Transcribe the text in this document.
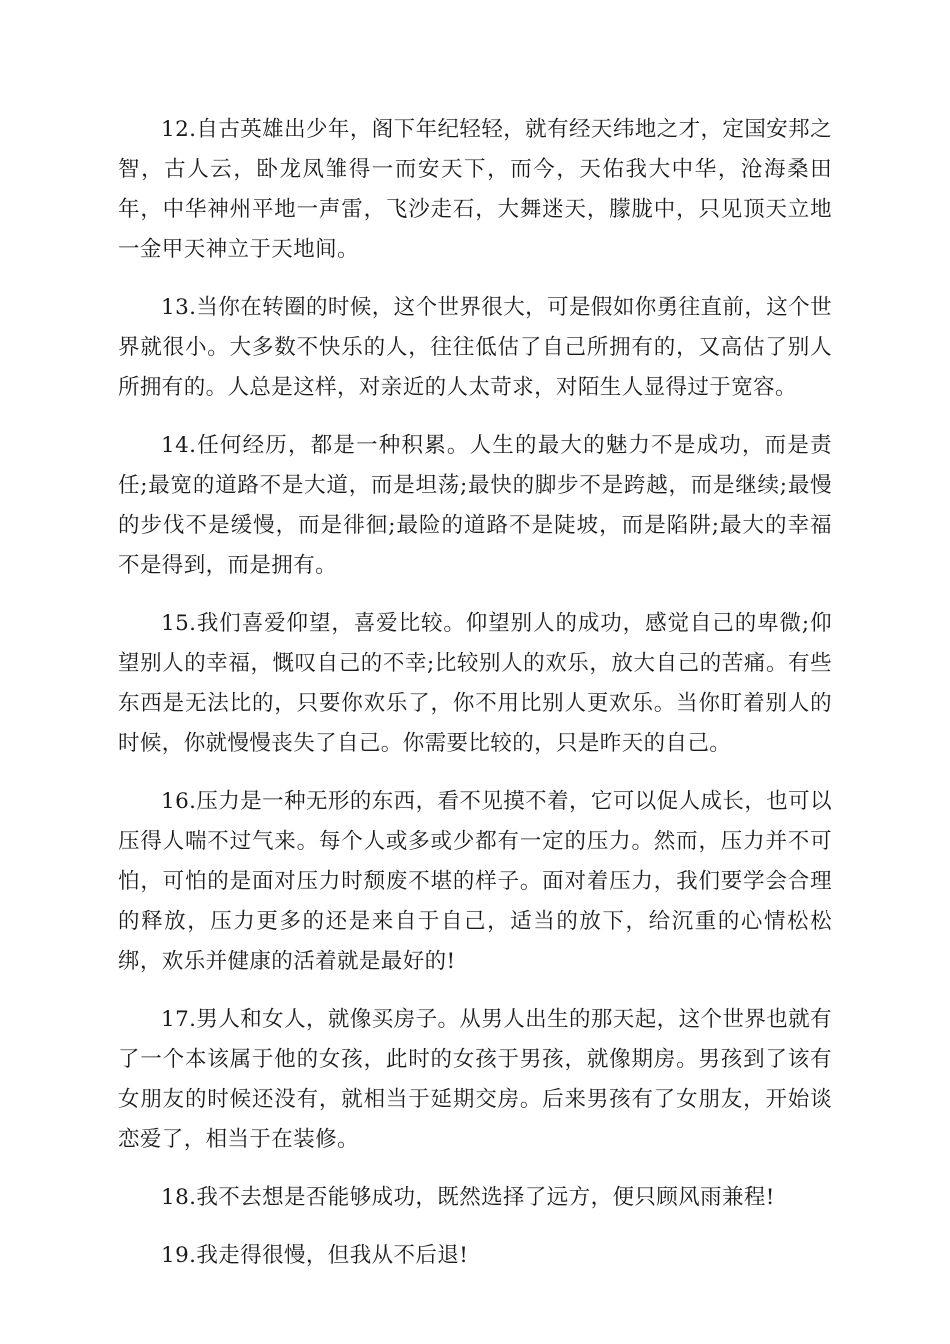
12.自古英雄出少年，阁下年纪轻轻，就有经天纬地之才，定国安邦之智，古人云，卧龙凤雏得一而安天下，而今，天佑我大中华，沧海桑田年，中华神州平地一声雷，飞沙走石，大舞迷天，朦胧中，只见顶天立地一金甲天神立于天地间。

13.当你在转圈的时候，这个世界很大，可是假如你勇往直前，这个世界就很小。大多数不快乐的人，往往低估了自己所拥有的，又高估了别人所拥有的。人总是这样，对亲近的人太苛求，对陌生人显得过于宽容。

14.任何经历，都是一种积累。人生的最大的魅力不是成功，而是责任;最宽的道路不是大道，而是坦荡;最快的脚步不是跨越，而是继续;最慢的步伐不是缓慢，而是徘徊;最险的道路不是陡坡，而是陷阱;最大的幸福不是得到，而是拥有。

15.我们喜爱仰望，喜爱比较。仰望别人的成功，感觉自己的卑微;仰望别人的幸福，慨叹自己的不幸;比较别人的欢乐，放大自己的苦痛。有些东西是无法比的，只要你欢乐了，你不用比别人更欢乐。当你盯着别人的时候，你就慢慢丧失了自己。你需要比较的，只是昨天的自己。

16.压力是一种无形的东西，看不见摸不着，它可以促人成长，也可以压得人喘不过气来。每个人或多或少都有一定的压力。然而，压力并不可怕，可怕的是面对压力时颓废不堪的样子。面对着压力，我们要学会合理的释放，压力更多的还是来自于自己，适当的放下，给沉重的心情松松绑，欢乐并健康的活着就是最好的!

17.男人和女人，就像买房子。从男人出生的那天起，这个世界也就有了一个本该属于他的女孩，此时的女孩于男孩，就像期房。男孩到了该有女朋友的时候还没有，就相当于延期交房。后来男孩有了女朋友，开始谈恋爱了，相当于在装修。

18.我不去想是否能够成功，既然选择了远方，便只顾风雨兼程!

19.我走得很慢，但我从不后退!
